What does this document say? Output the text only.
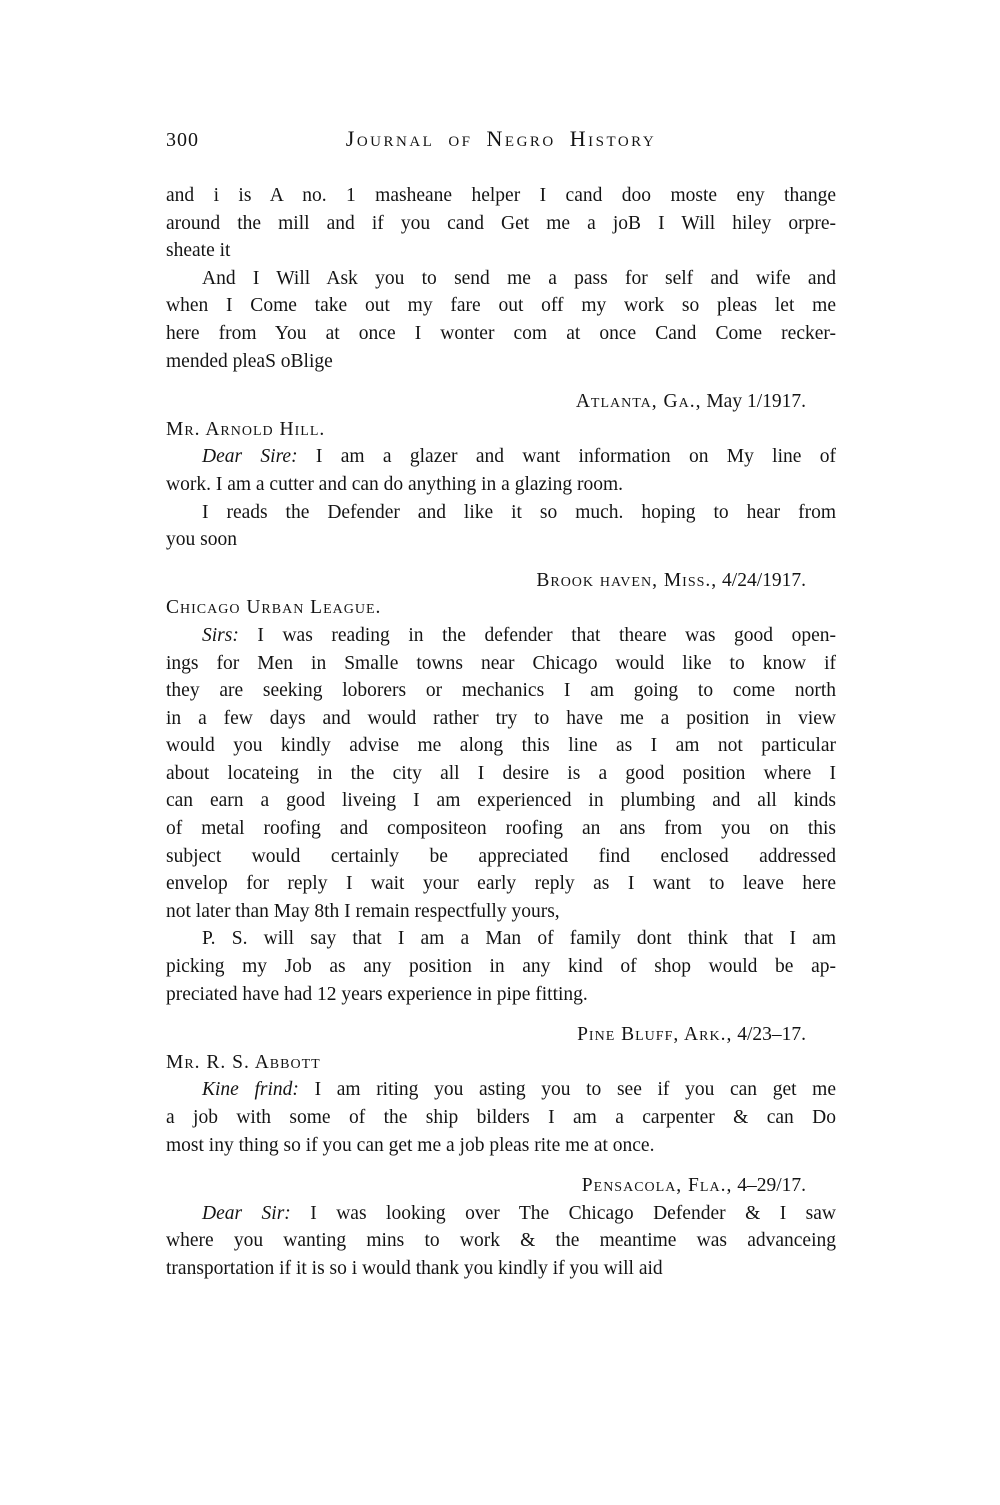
300	Journal of Negro History
and i is A no. 1 masheane helper I cand doo moste eny thange
around the mill and if you cand Get me a joB I Will hiley orpre-
sheate it
And I Will Ask you to send me a pass for self and wife and
when I Come take out my fare out off my work so pleas let me
here from You at once I wonter com at once Cand Come recker-
mended pleaS oBlige
Atlanta, Ga., May 1/1917.
Mr. Arnold Hill.
Dear Sire: I am a glazer and want information on My line of
work. I am a cutter and can do anything in a glazing room.
I reads the Defender and like it so much. hoping to hear from
you soon
Brook haven, Miss., 4/24/1917.
Chicago Urban League.
Sirs: I was reading in the defender that theare was good open-
ings for Men in Smalle towns near Chicago would like to know if
they are seeking loborers or mechanics I am going to come north
in a few days and would rather try to have me a position in view
would you kindly advise me along this line as I am not particular
about locateing in the city all I desire is a good position where I
can earn a good liveing I am experienced in plumbing and all kinds
of metal roofing and compositeon roofing an ans from you on this
subject would certainly be appreciated find enclosed addressed
envelop for reply I wait your early reply as I want to leave here
not later than May 8th I remain respectfully yours,
P. S. will say that I am a Man of family dont think that I am
picking my Job as any position in any kind of shop would be ap-
preciated have had 12 years experience in pipe fitting.
Pine Bluff, Ark., 4/23–17.
Mr. R. S. Abbott
Kine frind: I am riting you asting you to see if you can get me
a job with some of the ship bilders I am a carpenter & can Do
most iny thing so if you can get me a job pleas rite me at once.
Pensacola, Fla., 4–29/17.
Dear Sir: I was looking over The Chicago Defender & I saw
where you wanting mins to work & the meantime was advanceing
transportation if it is so i would thank you kindly if you will aid
